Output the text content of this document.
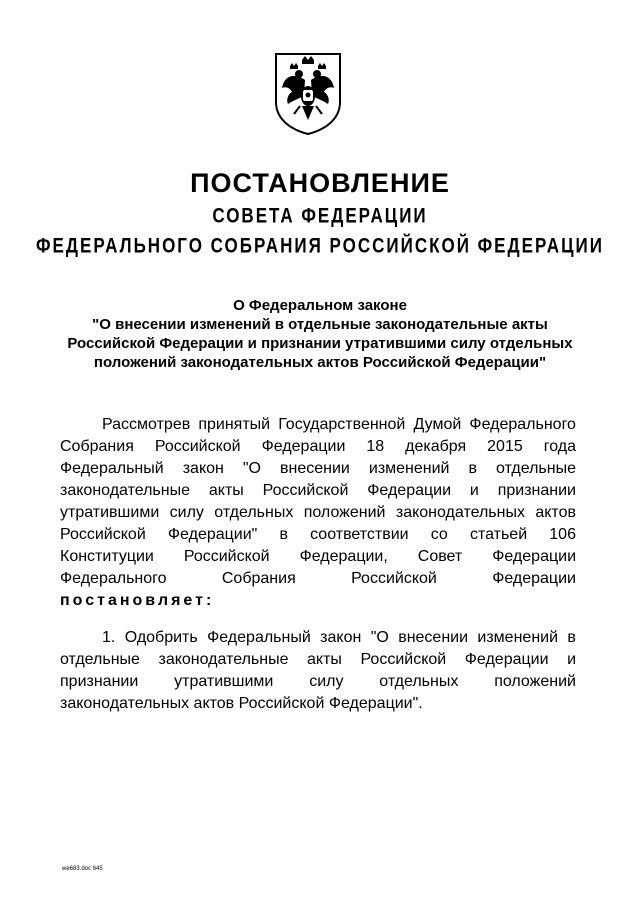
ПОСТАНОВЛЕНИЕ
СОВЕТА ФЕДЕРАЦИИ
ФЕДЕРАЛЬНОГО СОБРАНИЯ РОССИЙСКОЙ ФЕДЕРАЦИИ
О Федеральном законе
"О внесении изменений в отдельные законодательные акты
Российской Федерации и признании утратившими силу отдельных
положений законодательных актов Российской Федерации"
Рассмотрев принятый Государственной Думой Федерального
Собрания Российской Федерации 18 декабря 2015 года
Федеральный закон "О внесении изменений в отдельные
законодательные акты Российской Федерации и признании
утратившими силу отдельных положений законодательных актов
Российской Федерации" в соответствии со статьей 106
Конституции Российской Федерации, Совет Федерации
Федерального	Собрания	Российской	Федерации
постановляет:
1. Одобрить Федеральный закон "О внесении изменений в
отдельные законодательные акты Российской Федерации и
признании утратившими силу отдельных положений
законодательных актов Российской Федерации".
we683.doc 645
